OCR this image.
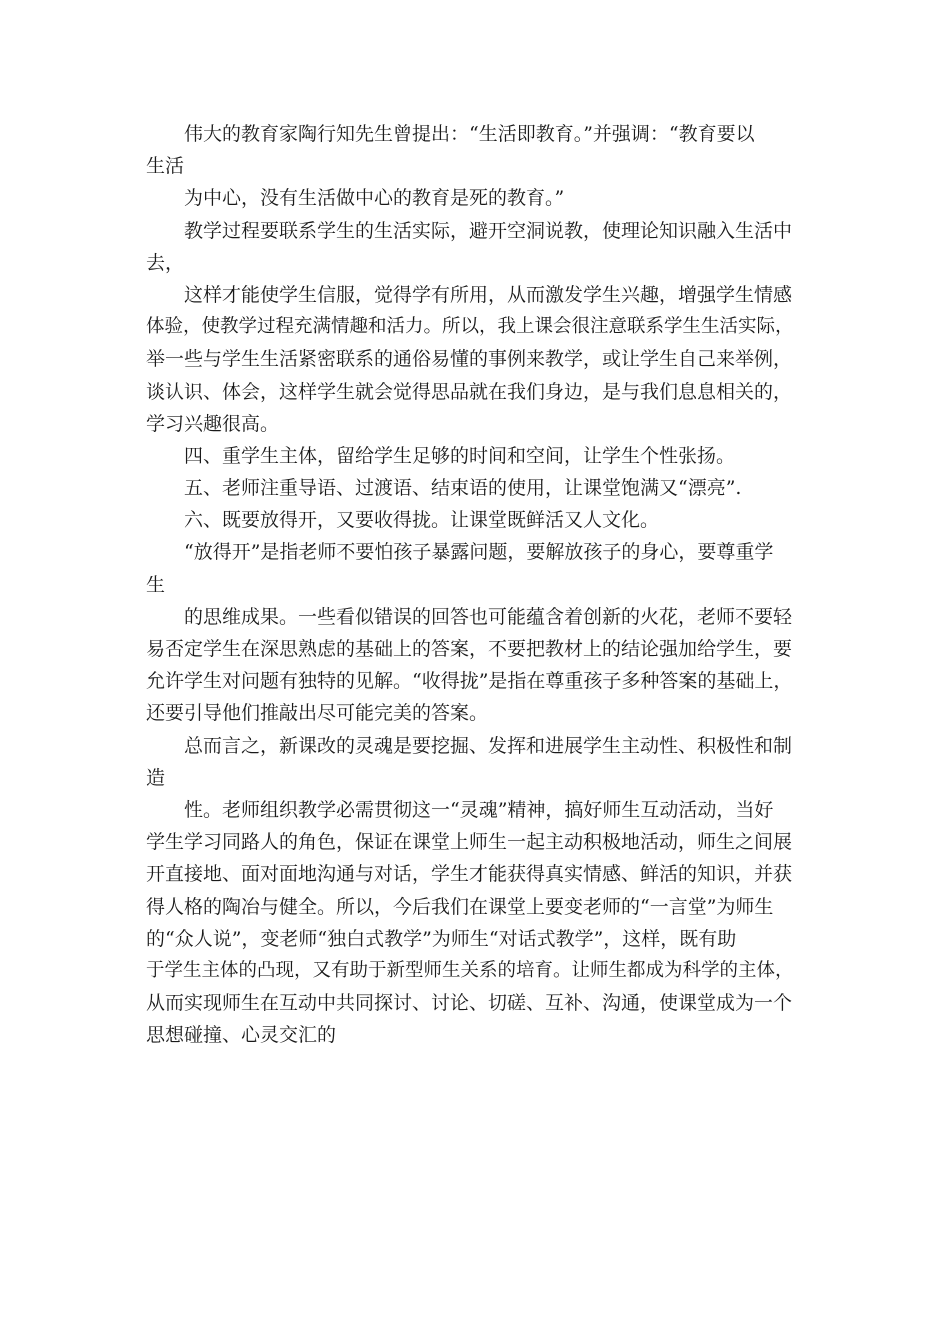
伟大的教育家陶行知先生曾提出：“生活即教育。”并强调：“教育要以
生活
为中心，没有生活做中心的教育是死的教育。”
教学过程要联系学生的生活实际，避开空洞说教，使理论知识融入生活中
去，
这样才能使学生信服，觉得学有所用，从而激发学生兴趣，增强学生情感
体验，使教学过程充满情趣和活力。所以，我上课会很注意联系学生生活实际，
举一些与学生生活紧密联系的通俗易懂的事例来教学，或让学生自己来举例，
谈认识、体会，这样学生就会觉得思品就在我们身边，是与我们息息相关的，
学习兴趣很高。
四、重学生主体，留给学生足够的时间和空间，让学生个性张扬。
五、老师注重导语、过渡语、结束语的使用，让课堂饱满又“漂亮”.
六、既要放得开，又要收得拢。让课堂既鲜活又人文化。
“放得开”是指老师不要怕孩子暴露问题，要解放孩子的身心，要尊重学
生
的思维成果。一些看似错误的回答也可能蕴含着创新的火花，老师不要轻
易否定学生在深思熟虑的基础上的答案，不要把教材上的结论强加给学生，要
允许学生对问题有独特的见解。“收得拢”是指在尊重孩子多种答案的基础上，
还要引导他们推敲出尽可能完美的答案。
总而言之，新课改的灵魂是要挖掘、发挥和进展学生主动性、积极性和制
造
性。老师组织教学必需贯彻这一“灵魂”精神，搞好师生互动活动，当好
学生学习同路人的角色，保证在课堂上师生一起主动积极地活动，师生之间展
开直接地、面对面地沟通与对话，学生才能获得真实情感、鲜活的知识，并获
得人格的陶冶与健全。所以，今后我们在课堂上要变老师的“一言堂”为师生
的“众人说”，变老师“独白式教学”为师生“对话式教学”，这样，既有助
于学生主体的凸现，又有助于新型师生关系的培育。让师生都成为科学的主体，
从而实现师生在互动中共同探讨、讨论、切磋、互补、沟通，使课堂成为一个
思想碰撞、心灵交汇的
